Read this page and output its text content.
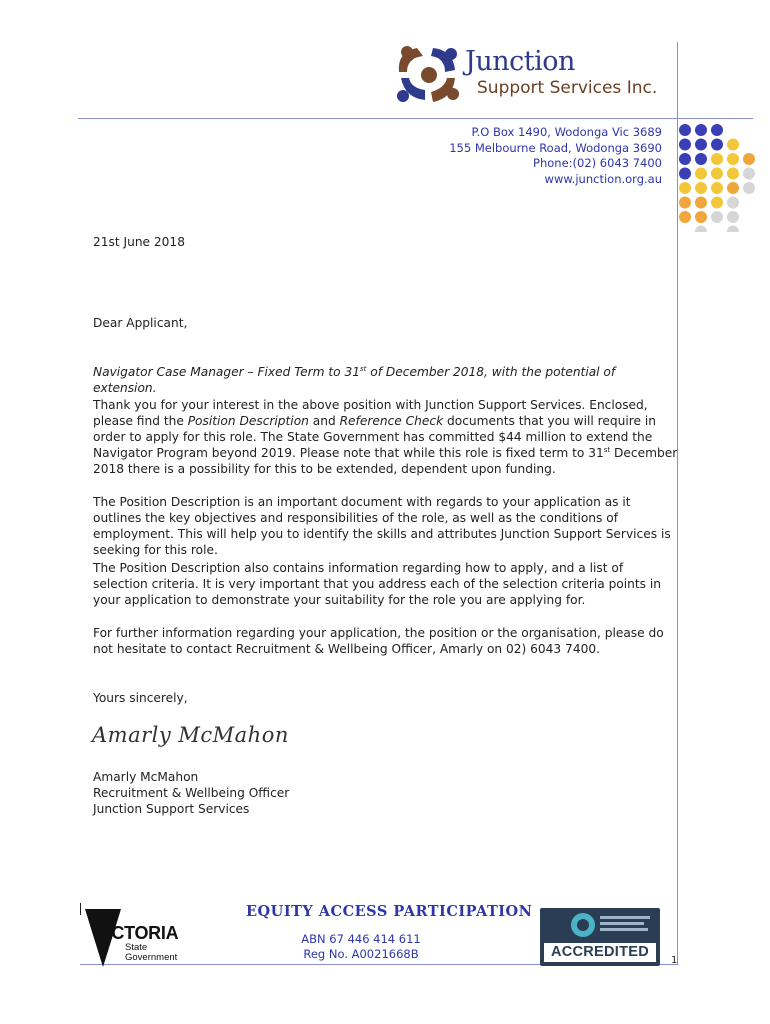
Junction
Support Services Inc.
P.O Box 1490, Wodonga Vic 3689
155 Melbourne Road, Wodonga 3690
Phone:(02) 6043 7400
www.junction.org.au
21st June 2018
Dear Applicant,
Navigator Case Manager – Fixed Term to 31st of December 2018, with the potential of extension.

Thank you for your interest in the above position with Junction Support Services. Enclosed, please find the Position Description and Reference Check documents that you will require in order to apply for this role. The State Government has committed $44 million to extend the Navigator Program beyond 2019. Please note that while this role is fixed term to 31st December 2018 there is a possibility for this to be extended, dependent upon funding.

The Position Description is an important document with regards to your application as it outlines the key objectives and responsibilities of the role, as well as the conditions of employment. This will help you to identify the skills and attributes Junction Support Services is seeking for this role.
The Position Description also contains information regarding how to apply, and a list of selection criteria. It is very important that you address each of the selection criteria points in your application to demonstrate your suitability for the role you are applying for.
For further information regarding your application, the position or the organisation, please do not hesitate to contact Recruitment & Wellbeing Officer, Amarly on 02) 6043 7400.
Yours sincerely,
Amarly McMahon
Amarly McMahon
Recruitment & Wellbeing Officer
Junction Support Services
VICTORIA
State
Government
EQUITY ACCESS PARTICIPATION
ABN 67 446 414 611
Reg No. A0021668B	ACCREDITED
1
